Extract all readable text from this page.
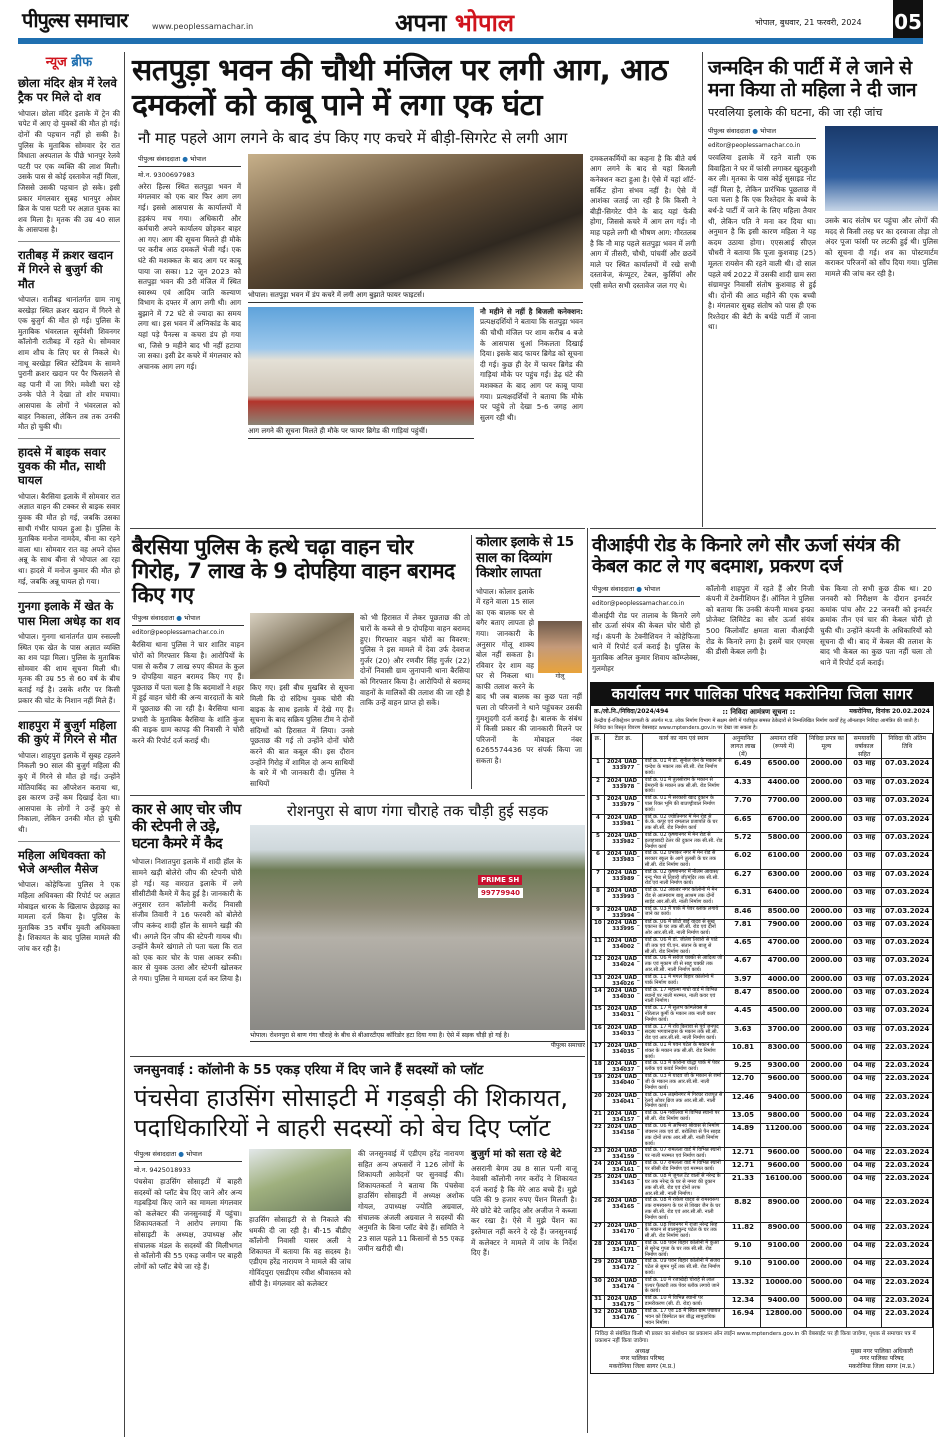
पीपुल्स समाचार	www.peoplessamachar.in	अपना भोपाल	भोपाल, बुधवार, 21 फरवरी, 2024 05
न्यूज ब्रीफ
छोला मंदिर क्षेत्र में रेलवे ट्रैक पर मिले दो शव
भोपाल। छोला मंदिर इलाके में ट्रेन की चपेट में आए दो युवकों की मौत हो गई। दोनों की पहचान नहीं हो सकी है। पुलिस के मुताबिक सोमवार देर रात विधाता अस्पताल के पीछे भानपुर रेलवे पटरी पर एक व्यक्ति की लाश मिली। उसके पास से कोई दस्तावेज नहीं मिला, जिससे उसकी पहचान हो सके। इसी प्रकार मंगलवार सुबह भानपुर ओवर ब्रिज के पास पटरी पर अज्ञात युवक का शव मिला है। मृतक की उम्र 40 साल के आसपास है।
रातीबड़ में क्रशर खदान में गिरने से बुजुर्ग की मौत
भोपाल। रातीबड़ थानांतर्गत ग्राम नाथू बरखेड़ा स्थित क्रशर खदान में गिरने से एक बुजुर्ग की मौत हो गई। पुलिस के मुताबिक भंवरलाल सूर्यवंशी शिवनगर कॉलोनी रातीबड़ में रहते थे। सोमवार शाम शौच के लिए घर से निकले थे। नाथू बरखेड़ा स्थित स्टेडियम के सामने पुरानी क्रशर खदान पर पैर फिसलने से वह पानी में जा गिरे। मवेशी चरा रहे उनके पोते ने देखा तो शोर मचाया। आसपास के लोगों ने भंवरलाल को बाहर निकाला, लेकिन तब तक उनकी मौत हो चुकी थी।
हादसे में बाइक सवार युवक की मौत, साथी घायल
भोपाल। बैरसिया इलाके में सोमवार रात अज्ञात वाहन की टक्कर से बाइक सवार युवक की मौत हो गई, जबकि उसका साथी गंभीर घायल हुआ है। पुलिस के मुताबिक मनोज नामदेव, बीना का रहने वाला था। सोमवार रात वह अपने दोस्त अन्नू के साथ बीना से भोपाल आ रहा था। हादसे में मनोज कुमार की मौत हो गई, जबकि अन्नू घायल हो गया।
गुनगा इलाके में खेत के पास मिला अधेड़ का शव
भोपाल। गुनगा थानांतर्गत ग्राम रुसल्ली स्थित एक खेत के पास अज्ञात व्यक्ति का शव पड़ा मिला। पुलिस के मुताबिक सोमवार की शाम सूचना मिली थी। मृतक की उम्र 55 से 60 वर्ष के बीच बताई गई है। उसके शरीर पर किसी प्रकार की चोट के निशान नहीं मिले हैं।
शाहपुरा में बुजुर्ग महिला की कुएं में गिरने से मौत
भोपाल। शाहपुरा इलाके में सुबह टहलने निकली 90 साल की बुजुर्ग महिला की कुएं में गिरने से मौत हो गई। उन्होंने मोतियाबिंद का ऑपरेशन कराया था, इस कारण उन्हें कम दिखाई देता था। आसपास के लोगों ने उन्हें कुएं से निकाला, लेकिन उनकी मौत हो चुकी थी।
महिला अधिवक्ता को भेजे अश्लील मैसेज
भोपाल। कोहेफिजा पुलिस ने एक महिला अधिवक्ता की रिपोर्ट पर अज्ञात मोबाइल धारक के खिलाफ छेड़छाड़ का मामला दर्ज किया है। पुलिस के मुताबिक 35 वर्षीय युवती अधिवक्ता है। शिकायत के बाद पुलिस मामले की जांच कर रही है।
सतपुड़ा भवन की चौथी मंजिल पर लगी आग, आठ दमकलों को काबू पाने में लगा एक घंटा
नौ माह पहले आग लगने के बाद डंप किए गए कचरे में बीड़ी-सिगरेट से लगी आग
पीपुल्स संवाददाता ● भोपाल
मो.न. 9300697983
अरेरा हिल्स स्थित सतपुड़ा भवन में मंगलवार को एक बार फिर आग लग गई। इससे आसपास के कार्यालयों में हड़कंप मच गया। अधिकारी और कर्मचारी अपने कार्यालय छोड़कर बाहर आ गए। आग की सूचना मिलते ही मौके पर करीब आठ दमकलें भेजी गईं। एक घंटे की मशक्कत के बाद आग पर काबू पाया जा सका। 12 जून 2023 को सतपुड़ा भवन की 3री मंजिल में स्थित स्वास्थ्य एवं आदिम जाति कल्याण विभाग के दफ्तर में आग लगी थी। आग बुझाने में 72 घंटे से ज्यादा का समय लगा था। इस भवन में अग्निकांड के बाद यहां पड़े पैनल्स व कचरा डंप हो गया था, जिसे 9 महीने बाद भी नहीं हटाया जा सका। इसी ढेर कचरे में मंगलवार को अचानक आग लग गई।
भोपाल। सतपुड़ा भवन में डंप कचरे में लगी आग बुझाते फायर फाइटर्स।
आग लगने की सूचना मिलते ही मौके पर फायर ब्रिगेड की गाड़ियां पहुंचीं।
नौ महीने से नहीं है बिजली कनेक्शन: प्रत्यक्षदर्शियों ने बताया कि सतपुड़ा भवन की चौथी मंजिल पर शाम करीब 4 बजे के आसपास धुआं निकलता दिखाई दिया। इसके बाद फायर ब्रिगेड को सूचना दी गई। कुछ ही देर में फायर ब्रिगेड की गाड़ियां मौके पर पहुंच गईं। डेढ़ घंटे की मशक्कत के बाद आग पर काबू पाया गया। प्रत्यक्षदर्शियों ने बताया कि मौके पर पहुंचे तो देखा 5-6 जगह आग सुलग रही थी।
दमकलकर्मियों का कहना है कि बीते वर्ष आग लगने के बाद से यहां बिजली कनेक्शन कटा हुआ है। ऐसे में यहां शॉर्ट-सर्किट होना संभव नहीं है। ऐसे में आशंका जताई जा रही है कि किसी ने बीड़ी-सिगरेट पीने के बाद यहां फेंकी होगा, जिससे कचरे में आग लग गई। नौ माह पहले लगी थी भीषण आग: गौरतलब है कि नौ माह पहले सतपुड़ा भवन में लगी आग में तीसरी, चौथी, पांचवीं और छठवें माले पर स्थित कार्यालयों में रखे सभी दस्तावेज, कंप्यूटर, टेबल, कुर्सियां और एसी समेत सभी दस्तावेज जल गए थे।
जन्मदिन की पार्टी में ले जाने से मना किया तो महिला ने दी जान
परवलिया इलाके की घटना, की जा रही जांच
पीपुल्स संवाददाता ● भोपाल
editor@peoplessamachar.co.in
परवलिया इलाके में रहने वाली एक विवाहिता ने घर में फांसी लगाकर खुदकुशी कर ली। मृतका के पास कोई सुसाइड नोट नहीं मिला है, लेकिन प्रारंभिक पूछताछ में पता चला है कि एक रिश्तेदार के बच्चे के बर्थ-डे पार्टी में जाने के लिए महिला तैयार थी, लेकिन पति ने मना कर दिया था। अनुमान है कि इसी कारण महिला ने यह कदम उठाया होगा। एएसआई सीएल चौधरी ने बताया कि पूजा कुशवाह (25) मूलतः रायसेन की रहने वाली थी। दो साल पहले वर्ष 2022 में उसकी शादी ग्राम सरा संग्रामपुर निवासी संतोष कुशवाह से हुई थी। दोनों की आठ महीने की एक बच्ची है। मंगलवार सुबह संतोष को पास ही एक रिश्तेदार की बेटी के बर्थडे पार्टी में जाना था।
उसके बाद संतोष घर पहुंचा और लोगों की मदद से किसी तरह घर का दरवाजा तोड़ा तो अंदर पूजा फांसी पर लटकी हुई थी। पुलिस को सूचना दी गई। शव का पोस्टमार्टम कराकर परिजनों को सौंप दिया गया। पुलिस मामले की जांच कर रही है।
बैरसिया पुलिस के हत्थे चढ़ा वाहन चोर गिरोह, 7 लाख के 9 दोपहिया वाहन बरामद किए गए
पीपुल्स संवाददाता ● भोपाल
editor@peoplessamachar.co.in
बैरसिया थाना पुलिस ने चार शातिर वाहन चोरों को गिरफ्तार किया है। आरोपियों के पास से करीब 7 लाख रुपए कीमत के कुल 9 दोपहिया वाहन बरामद किए गए हैं। पूछताछ में पता चला है कि बदमाशों ने शहर में हुई वाहन चोरी की अन्य वारदातों के बारे में पूछताछ की जा रही है। बैरसिया थाना प्रभारी के मुताबिक बैरसिया के शांति कुंज की वाइक ग्राम कापड़ की निवासी ने चोरी करने की रिपोर्ट दर्ज कराई थी।
किए गए। इसी बीच मुखबिर से सूचना मिली कि दो संदिग्ध युवक चोरी की बाइक के साथ इलाके में देखे गए हैं। सूचना के बाद सक्रिय पुलिस टीम ने दोनों संदिग्धों को हिरासत में लिया। उनसे पूछताछ की गई तो उन्होंने दोनों चोरी करने की बात कबूल की। इस दौरान उन्होंने गिरोह में शामिल दो अन्य साथियों के बारे में भी जानकारी दी। पुलिस ने साथियों
को भी हिरासत में लेकर पूछताछ की तो चारों के कब्जे से 9 दोपहिया वाहन बरामद हुए। गिरफ्तार वाहन चोरों का विवरण: पुलिस ने इस मामले में देवा उर्फ देवराज गुर्जर (20) और रणवीर सिंह गुर्जर (22) दोनों निवासी ग्राम जुनापानी थाना बैरसिया को गिरफ्तार किया है। आरोपियों से बरामद वाहनों के मालिकों की तलाश की जा रही है ताकि उन्हें वाहन प्राप्त हो सकें।
कोलार इलाके से 15 साल का दिव्यांग किशोर लापता
गोलू
भोपाल। कोलार इलाके में रहने वाला 15 साल का एक बालक घर से बगैर बताए लापता हो गया। जानकारी के अनुसार गोलू शाक्य बोल नहीं सकता है। रविवार देर शाम वह घर से निकला था। काफी तलाश करने के बाद भी जब बालक का कुछ पता नहीं चला तो परिजनों ने थाने पहुंचकर उसकी गुमशुदगी दर्ज कराई है। बालक के संबंध में किसी प्रकार की जानकारी मिलने पर परिजनों के मोबाइल नंबर 6265574436 पर संपर्क किया जा सकता है।
कार से आए चोर जीप की स्टेपनी ले उड़े, घटना कैमरे में कैद
भोपाल। निशातपुरा इलाके में शादी हॉल के सामने खड़ी बोलेरो जीप की स्टेपनी चोरी हो गई। यह वारदात इलाके में लगे सीसीटीवी कैमरे में कैद हुई है। जानकारी के अनुसार रतन कॉलोनी करोंद निवासी संजीव तिवारी ने 16 फरवरी को बोलेरो जीप करूंद शादी हॉल के सामने खड़ी की थी। अगले दिन जीप की स्टेपनी गायब थी। उन्होंने कैमरे खंगाले तो पता चला कि रात को एक कार चोर के पास आकर रुकी। कार से युवक उतरा और स्टेपनी खोलकर ले गया। पुलिस ने मामला दर्ज कर लिया है।
रोशनपुरा से बाण गंगा चौराहे तक चौड़ी हुई सड़क
PRIME SH
99779940
भोपाल। रोशनपुरा से बाण गंगा चौराहे के बीच से बीआरटीएस कॉरिडोर हटा दिया गया है। ऐसे में सड़क चौड़ी हो गई है।
पीपुल्स समाचार
जनसुनवाई : कॉलोनी के 55 एकड़ एरिया में दिए जाने हैं सदस्यों को प्लॉट
पंचसेवा हाउसिंग सोसाइटी में गड़बड़ी की शिकायत, पदाधिकारियों ने बाहरी सदस्यों को बेच दिए प्लॉट
पीपुल्स संवाददाता ● भोपाल
मो.न. 9425018933
पंचसेवा हाउसिंग सोसाइटी में बाहरी सदस्यों को प्लॉट बेच दिए जाने और अन्य गड़बड़ियां किए जाने का मामला मंगलवार को कलेक्टर की जनसुनवाई में पहुंचा। शिकायतकर्ता ने आरोप लगाया कि सोसाइटी के अध्यक्ष, उपाध्यक्ष और संचालक मंडल के सदस्यों की मिलीभगत से कॉलोनी की 55 एकड़ जमीन पर बाहरी लोगों को प्लॉट बेचे जा रहे हैं।
हाउसिंग सोसाइटी से से निकाले की धमकी दी जा रही है। बी-15 बीडीए कॉलोनी निवासी यासर अली ने शिकायत में बताया कि वह सदस्य है। एडीएम हरेंद्र नारायण ने मामले की जांच गोविंदपुरा एसडीएम रवीश श्रीवास्तव को सौंपी है। मंगलवार को कलेक्टर
की जनसुनवाई में एडीएम हरेंद्र नारायण सहित अन्य अफसरों ने 126 लोगों के शिकायती आवेदनों पर सुनवाई की। शिकायतकर्ता ने बताया कि पंचसेवा हाउसिंग सोसाइटी में अध्यक्ष अशोक गोयल, उपाध्यक्ष ज्योति अग्रवाल, संचालक अंजली अग्रवाल ने सदस्यों की अनुमति के बिना प्लॉट बेचे हैं। समिति ने 23 साल पहले 11 किसानों से 55 एकड़ जमीन खरीदी थी।
बुजुर्ग मां को सता रहे बेटे
असरानी बेगम उम्र 8 साल पत्नी वाजू नेवासी कॉलोनी नगर करोंद ने शिकायत दर्ज कराई है कि मेरे आठ बच्चे हैं। मुझे पति की 9 हजार रुपए पेंशन मिलती है। मेरे छोटे बेटे जाहिद और अजीज ने कब्जा कर रखा है। ऐसे में मुझे पेंशन का इस्तेमाल नहीं करने दे रहे हैं। जनसुनवाई में कलेक्टर ने मामले में जांच के निर्देश दिए हैं।
वीआईपी रोड के किनारे लगे सौर ऊर्जा संयंत्र की केबल काट ले गए बदमाश, प्रकरण दर्ज
पीपुल्स संवाददाता ● भोपाल
editor@peoplessamachar.co.in
वीआईपी रोड पर तालाब के किनारे लगे सौर ऊर्जा संयंत्र की केबल चोर चोरी हो गई। कंपनी के टेक्नीशियन ने कोहेफिजा थाने में रिपोर्ट दर्ज कराई है। पुलिस के मुताबिक अनिल कुमार शिवाय कॉम्प्लेक्स, गुलमोहर
कॉलोनी शाहपुरा में रहते हैं और निजी कंपनी में टेक्नीशियन हैं। ऑनिल ने पुलिस को बताया कि उनकी कंपनी माधव इन्फ्रा प्रोजेक्ट लिमिटेड का सौर ऊर्जा संयंत्र 500 किलोवॉट क्षमता वाला वीआईपी रोड के किनारे लगा है। इसमें चार एमएस की डीसी केबल लगी है।
चेक किया तो सभी कुछ ठीक था। 20 जनवरी को निरीक्षण के दौरान इनवर्टर कमांक पांच और 22 जनवरी को इनवर्टर क्रमांक तीन एवं चार की केबल चोरी हो चुकी थी। उन्होंने कंपनी के अधिकारियों को सूचना दी थी। बाद में केबल की तलाश के बाद भी केबल का कुछ पता नहीं चला तो थाने में रिपोर्ट दर्ज कराई।
कार्यालय नगर पालिका परिषद मकरोनिया जिला सागर
क्र./लो.नि./निविदा/2024/494	:: निविदा आमंत्रण सूचना ::	मकरोनिया, दिनांक 20.02.2024
केन्द्रीय ई-रजिस्ट्रेशन प्रणाली के अंतर्गत म.प्र. लोक निर्माण विभाग में सक्षम श्रेणी में पंजीकृत समस्त ठेकेदारों से निम्नलिखित निर्माण कार्यों हेतु ऑनलाइन निविदा आमंत्रित की जाती है। निविदा का विस्तृत विवरण वेबसाइट www.mptenders.gov.in पर देखा जा सकता है।
क्र.	टेंडर क्र.	कार्य का नाम एवं स्थान	अनुमानित लागत लाख (में)	अमानत राशि (रूपये में)	निविदा प्रपत्र का मूल्य	समयावधि वर्षाकाल सहित	निविदा की अंतिम तिथि
1	2024_UAD_333977	वार्ड क्र. 01 में डॉ. सुनील जैन के मकान से चन्देश के मकान तक सी.सी. रोड निर्माण कार्य।	6.49	6500.00	2000.00	03 माह	07.03.2024
2	2024_UAD_333978	वार्ड क्र. 01 में तुलसीराम के मकान से प्रेमरानी के मकान तक सी.सी. रोड निर्माण कार्य।	4.33	4400.00	2000.00	03 माह	07.03.2024
3	2024_UAD_333979	वार्ड क्र. 01 में सरकारी खाद दुकान के पास रिक्त भूमि की बाउण्ड्रीवाल निर्माण कार्य।	7.70	7700.00	2000.00	03 माह	07.03.2024
4	2024_UAD_333981	वार्ड क्र. 02 ज्योतिनगर में मेन रोड से के.के. कपूर एवं रामलाल प्रजापति के घर तक सी.सी. रोड निर्माण कार्य	6.65	6700.00	2000.00	03 माह	07.03.2024
5	2024_UAD_333982	वार्ड क्र. 02 कृष्णानगर में मेन रोड से इलाहाबादी टेलर की दुकान तक सी.सी. रोड निर्माण कार्य	5.72	5800.00	2000.00	03 माह	07.03.2024
6	2024_UAD_333983	वार्ड क्र. 02 प्रभाकर नगर में मेन रोड से सरकार स्कूल के आगे तुलसी के घर तक सी.सी. रोड निर्माण कार्य।	6.02	6100.00	2000.00	03 माह	07.03.2024
7	2024_UAD_333989	वार्ड क्र. 02 कृष्णानगर में नीलम आवास/नन्दू भैया से तिवारी जी/मंदिर तक सी.सी. रोड एवं नाली निर्माण कार्य।	6.27	6300.00	2000.00	03 माह	07.03.2024
8	2024_UAD_333993	वार्ड क्र. 02 अकबर नगर कॉलोनी में मेन रोड से आत्माराम बाबू आश्रम तक दोनों साईड आर.सी.सी. नाली निर्माण कार्य।	6.31	6400.00	2000.00	03 माह	07.03.2024
9	2024_UAD_333994	वार्ड क्र. 03 में पार्क में पेवर ब्लॉक लगाये जाने का कार्य।	8.46	8500.00	2000.00	03 माह	07.03.2024
10	2024_UAD_333995	वार्ड क्र. 06 में छोटी बाई यादव से सुख एकान्त के घर तक सी.सी. रोड एवं दोनों ओर आर.सी.सी. नाली निर्माण कार्य।	7.81	7900.00	2000.00	03 माह	07.03.2024
11	2024_UAD_334002	वार्ड क्र. 06 में डॉ. जीतेश तिवारी से पांडे जी तक एवं पी.एन. संतान के बाजू से सी.सी. रोड निर्माण कार्य।	4.65	4700.00	2000.00	03 माह	07.03.2024
12	2024_UAD_334024	वार्ड क्र. 06 में सरोज चक्की से आदित्य जी तक एवं मुकाम जी से साहू चक्की तक आर.सी.सी. नाली निर्माण कार्य।	4.67	4700.00	2000.00	03 माह	07.03.2024
13	2024_UAD_334026	वार्ड क्र. 11 में मंगल विहार कॉलोनी में पार्क निर्माण कार्य।	3.97	4000.00	2000.00	03 माह	07.03.2024
14	2024_UAD_334030	वार्ड क्र. 17 महात्मा गांधी वार्ड में विभिन्न स्थानों पर नाली मरम्मत, नाली कवर एवं नाली निर्माण।	8.47	8500.00	2000.00	03 माह	07.03.2024
15	2024_UAD_334031	वार्ड क्र. 17 में सुलभ कॉम्प्लेक्स से नोरेलाल कुर्मी के मकान तक नाली कवर निर्माण कार्य।	4.45	4500.00	2000.00	03 माह	07.03.2024
16	2024_UAD_334033	वार्ड क्र. 17 में रवि किरावा से पूर्व जनपद सदस्य भगवानदास के मकान तक सी.सी. रोड एवं आर.सी.सी. नाली निर्माण कार्य।	3.63	3700.00	2000.00	03 माह	07.03.2024
17	2024_UAD_334035	वार्ड क्र. 01 में पवन पटेल के मकान से शंकर के मकान तक सी.सी. रोड निर्माण कार्य।	10.81	8300.00	5000.00	04 माह	22.03.2024
18	2024_UAD_334037	वार्ड क्र. 03 में कोरोना योद्धा पार्क में पेवर ब्लॉक एवं कवर्ड निर्माण कार्य।	9.25	9300.00	2000.00	04 माह	22.03.2024
19	2024_UAD_334040	वार्ड क्र. 03 में यादव जी के मकान से शर्मा जी के मकान तक आर.सी.सी. नाली निर्माण कार्य।	12.70	9600.00	5000.00	04 माह	22.03.2024
20	2024_UAD_334041	वार्ड क्र. 04 लक्ष्मीनगर में गिरधर राजपूत से रेलवे ओवर ब्रिज तक आर.सी.सी. नाली निर्माण कार्य।	12.46	9400.00	5000.00	04 माह	22.03.2024
21	2024_UAD_334157	वार्ड क्र. 04 गर्रोलिया में विभिन्न स्थानों पर सी.सी. रोड निर्माण कार्य।	13.05	9800.00	5000.00	04 माह	22.03.2024
22	2024_UAD_334158	वार्ड क्र. 06 में अभिनव श्रीवास से निर्माण जंक्शन तक एवं डॉ. बरोलिया से पैन साइड तक दोनों तरफ आर.सी.सी. नाली निर्माण कार्य।	14.89	11200.00	5000.00	04 माह	22.03.2024
23	2024_UAD_334159	वार्ड क्र. 07 रामलला वार्ड में विभिन्न स्थानों पर नाली मरम्मत एवं निर्माण कार्य।	12.71	9600.00	5000.00	04 माह	22.03.2024
24	2024_UAD_334161	वार्ड क्र. 07 रामलला वार्ड में विभिन्न स्थानों पर सीसी रोड निर्माण एवं मरम्मत कार्य।	12.71	9600.00	5000.00	04 माह	22.03.2024
25	2024_UAD_334163	वार्ड क्र. 08 में जुगल टेंट वालों से नरेन्द्र के घर तक नरेन्द्र के घर से नमरा की दुकान तक सी.सी. रोड एवं दोनों तरफ आर.सी.सी. नाली निर्माण।	21.33	16100.00	5000.00	04 माह	22.03.2024
26	2024_UAD_334165	वार्ड क्र. 08 में राकेश यादव से रामस्वरूप तक रामस्वरूप के घर से शिखर जैन के घर तक सी.सी. रोड एवं आर.सी.सी. नाली निर्माण कार्य।	8.82	8900.00	2000.00	04 माह	22.03.2024
27	2024_UAD_334170	वार्ड क्र. 08 शिवनगर में राजा नरेन्द्र सिंह के मकान से बालमुकुन्द पटेल के घर तक सी.सी. रोड निर्माण कार्य।	11.82	8900.00	5000.00	04 माह	22.03.2024
28	2024_UAD_334171	वार्ड क्र. 08 पवन बिहार कॉलोनी में कुंआ से सुरेन्द्र गुप्ता के घर तक सी.सी. रोड निर्माण कार्य।	9.10	9100.00	2000.00	04 माह	22.03.2024
29	2024_UAD_334172	वार्ड क्र. 09 पवन बिहार कॉलोनी में संजय पटेल से सुमन मुर्दे तक सी.सी. रोड निर्माण कार्य।	9.10	9100.00	2000.00	04 माह	22.03.2024
30	2024_UAD_334174	वार्ड क्र. 10 में रजाखेड़ी चौराहे से लाल पत्थर फैक्टरी तक पेवर ब्लॉक लगाये जाने के कार्य।	13.32	10000.00	5000.00	04 माह	22.03.2024
31	2024_UAD_334175	वार्ड क्र. 10 में विभिन्न स्थानों पर डामरीकरण (सी. टी. रोड) कार्य।	12.34	9400.00	5000.00	04 माह	22.03.2024
32	2024_UAD_334176	वार्ड क्र. 17 एवं 18 में स्थित ग्राम पंचायत भवन को डिस्मेंटल कर बौद्ध सामुदायिक भवन निर्माण।	16.94	12800.00	5000.00	04 माह	22.03.2024
निविदा से संबंधित किसी भी प्रकार का संशोधन का प्रकाशन ऑन लाईन www.mptenders.gov.in की वेबसाईट पर ही किया जावेगा, पृथक से समाचार पत्र में प्रकाशन नहीं किया जावेगा।
अध्यक्ष
नगर पालिका परिषद
मकरोनिया जिला सागर (म.प्र.)
मुख्य नगर पालिका अधिकारी
नगर पालिका परिषद
मकरोनिया जिला सागर (म.प्र.)
